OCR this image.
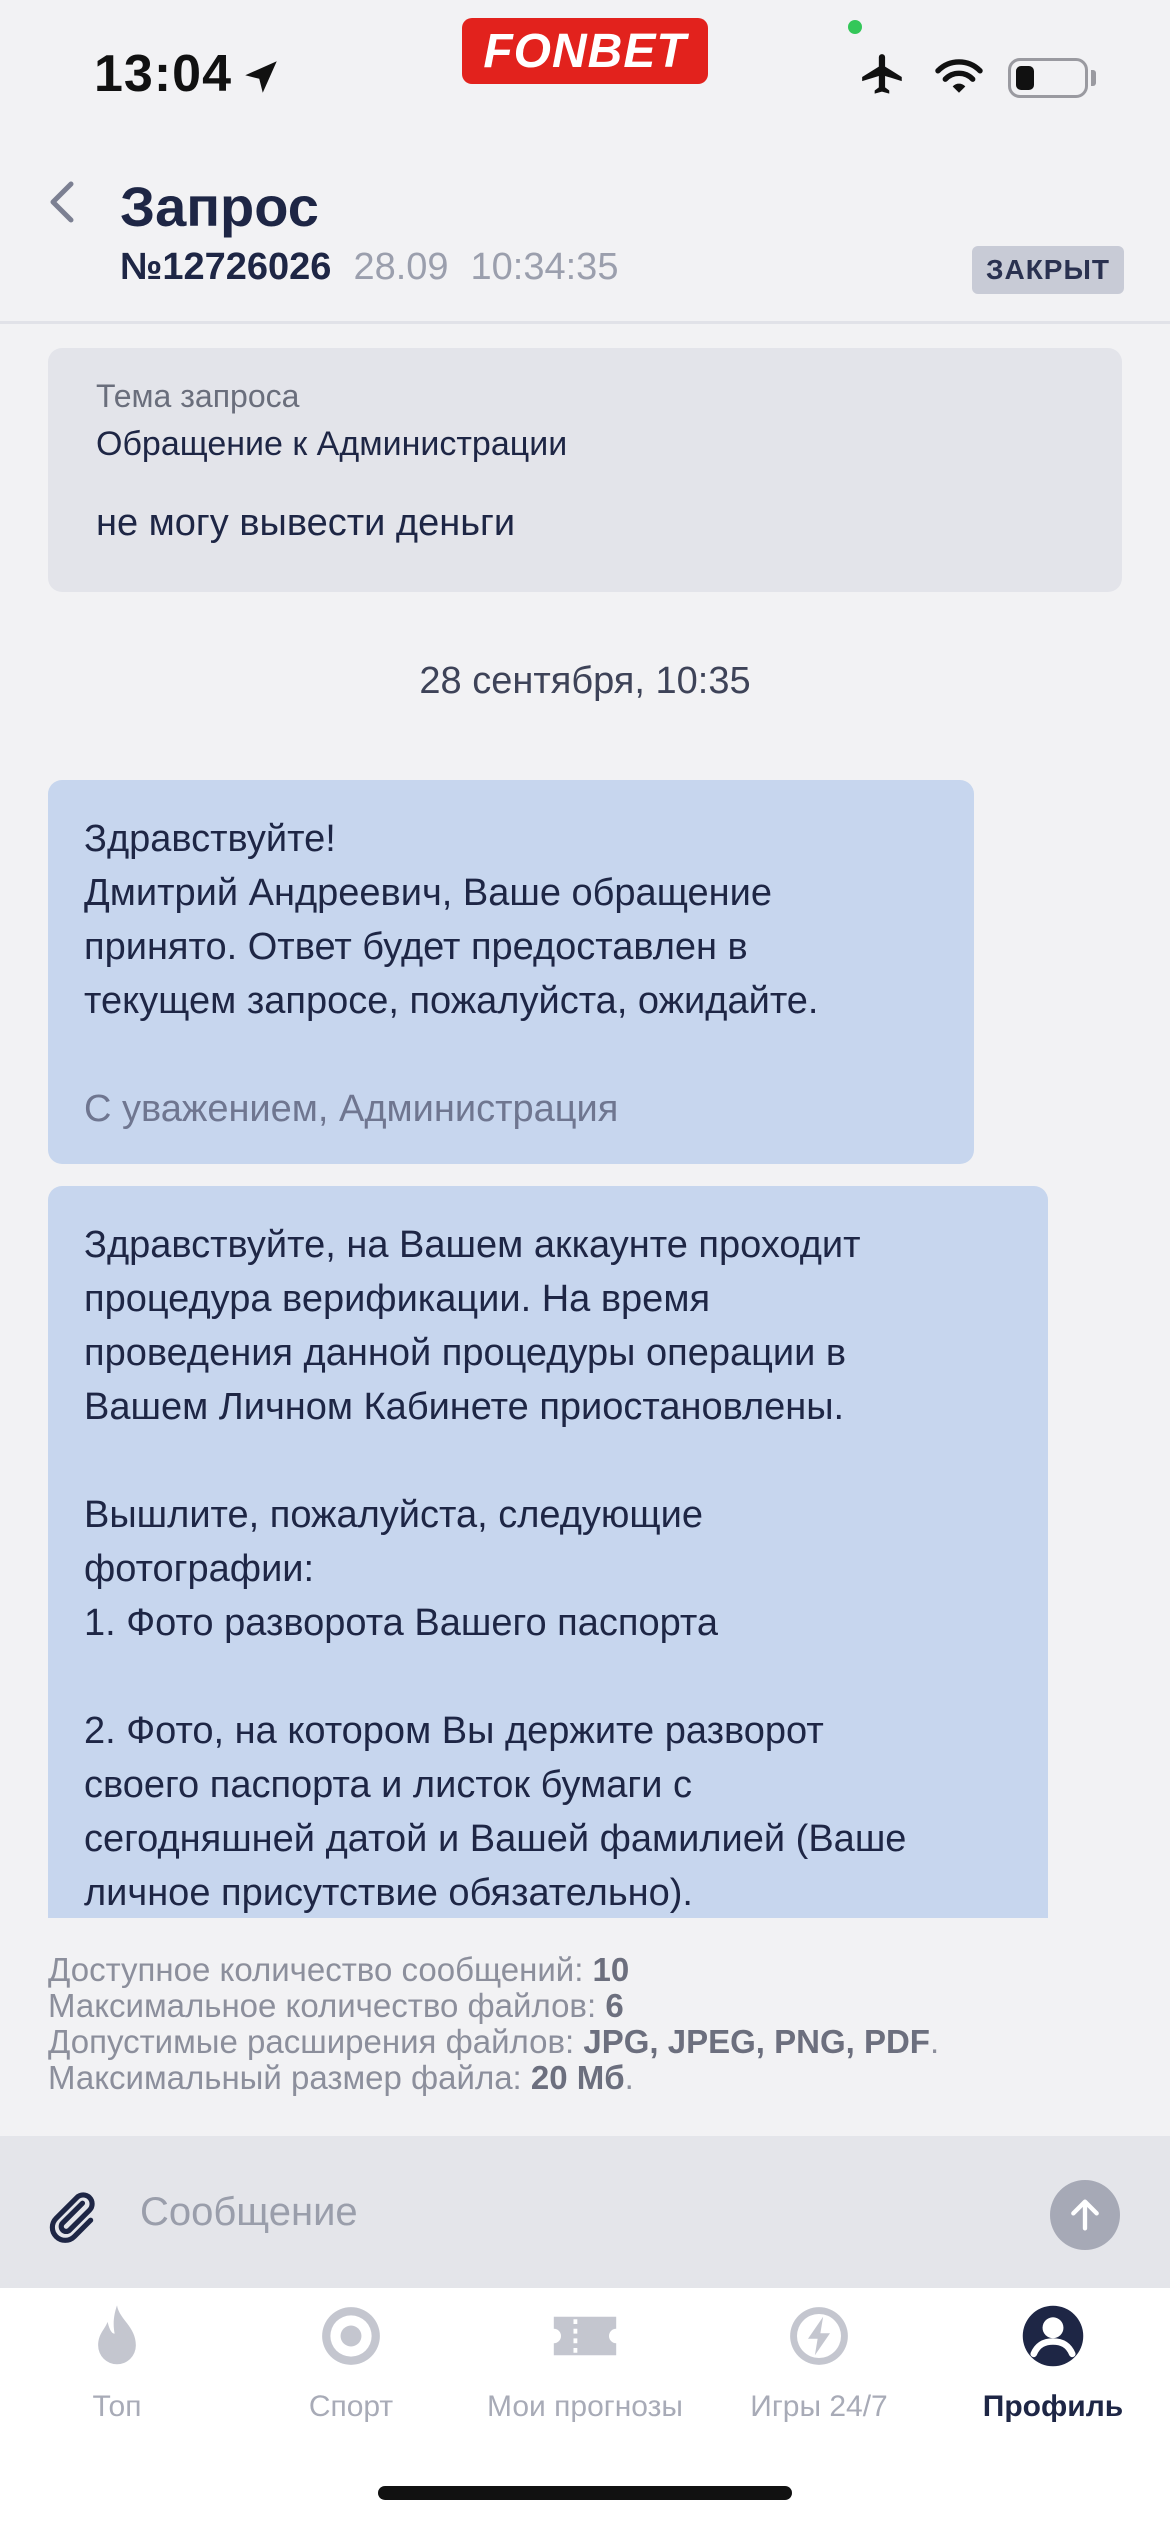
13:04	FONBET
Запрос
№12726026 28.09 10:34:35	ЗАКРЫТ
Тема запроса
Обращение к Администрации
не могу вывести деньги
28 сентября, 10:35
Здравствуйте!
Дмитрий Андреевич, Ваше обращение
принято. Ответ будет предоставлен в
текущем запросе, пожалуйста, ожидайте.
С уважением, Администрация
Здравствуйте, на Вашем аккаунте проходит
процедура верификации. На время
проведения данной процедуры операции в
Вашем Личном Кабинете приостановлены.
Вышлите, пожалуйста, следующие
фотографии:
1. Фото разворота Вашего паспорта
2. Фото, на котором Вы держите разворот
своего паспорта и листок бумаги с
сегодняшней датой и Вашей фамилией (Ваше
личное присутствие обязательно).
Доступное количество сообщений: 10
Максимальное количество файлов: 6
Допустимые расширения файлов: JPG, JPEG, PNG, PDF.
Максимальный размер файла: 20 Мб.
Сообщение
Топ	Спорт	Мои прогнозы Игры 24/7	Профиль
